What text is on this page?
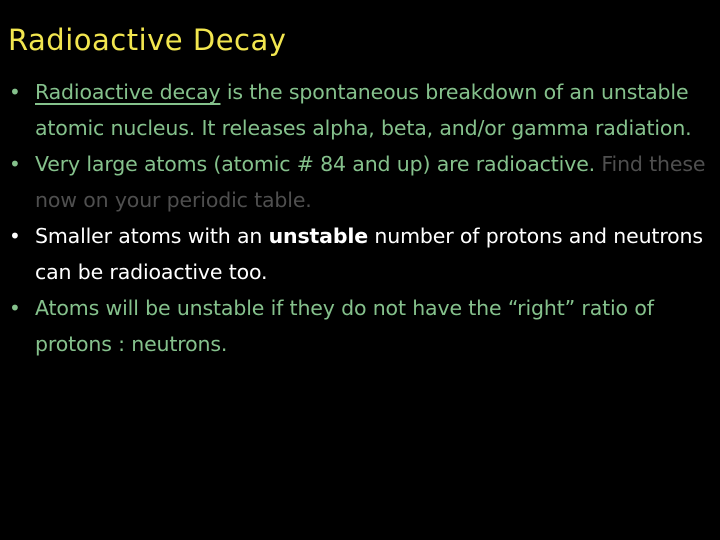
Radioactive Decay
• Radioactive decay is the spontaneous breakdown of an unstable atomic nucleus. It releases alpha, beta, and/or gamma radiation.
• Very large atoms (atomic # 84 and up) are radioactive. Find these now on your periodic table.
• Smaller atoms with an unstable number of protons and neutrons can be radioactive too.
• Atoms will be unstable if they do not have the “right” ratio of protons : neutrons.
